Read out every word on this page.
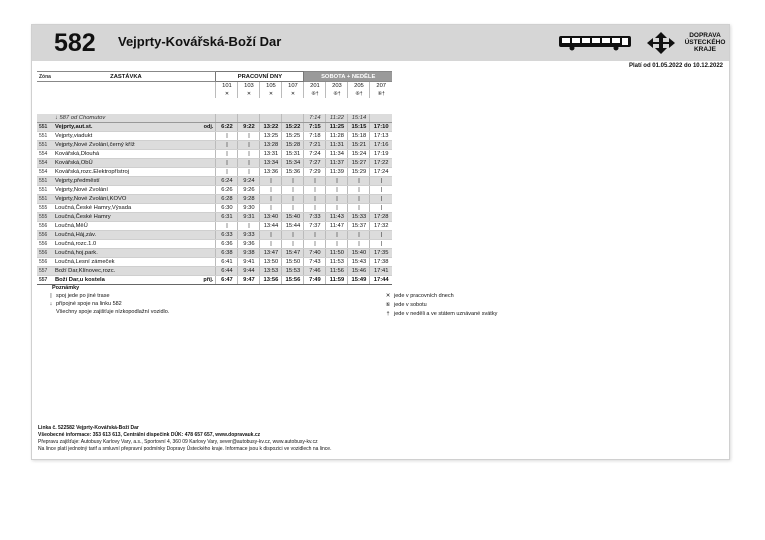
582 Vejprty-Kovářská-Boží Dar	DOPRAVA
ÚSTECKÉHO
KRAJE
Platí od 01.05.2022 do 10.12.2022
Zóna	ZASTÁVKA		PRACOVNÍ DNY				SOBOTA + NEDĚLE			
			101	103	105	107	201	203	205	207
			✕	✕	✕	✕	⑥†	⑥†	⑥†	⑥†

	↓ 587 od Chomutov						7:14	11:22	15:14	
551	Vejprty,aut.st.	odj.	6:22	9:22	13:22	15:22	7:15	11:25	15:15	17:10
551	Vejprty,viadukt		|	|	13:25	15:25	7:18	11:28	15:18	17:13
551	Vejprty,Nové Zvolání,černý kříž		|	|	13:28	15:28	7:21	11:31	15:21	17:16
554	Kovářská,Dlouhá		|	|	13:31	15:31	7:24	11:34	15:24	17:19
554	Kovářská,ObÚ		|	|	13:34	15:34	7:27	11:37	15:27	17:22
554	Kovářská,rozc.Elektropřístroj		|	|	13:36	15:36	7:29	11:39	15:29	17:24
551	Vejprty,předměstí		6:24	9:24	|	|	|	|	|	|
551	Vejprty,Nové Zvolání		6:26	9:26	|	|	|	|	|	|
551	Vejprty,Nové Zvolání,KOVO		6:28	9:28	|	|	|	|	|	|
555	Loučná,České Hamry,Výsada		6:30	9:30	|	|	|	|	|	|
555	Loučná,České Hamry		6:31	9:31	13:40	15:40	7:33	11:43	15:33	17:28
556	Loučná,MěÚ		|	|	13:44	15:44	7:37	11:47	15:37	17:32
556	Loučná,Háj,záv.		6:33	9:33	|	|	|	|	|	|
556	Loučná,rozc.1.0		6:36	9:36	|	|	|	|	|	|
556	Loučná,hoj.park.		6:38	9:38	13:47	15:47	7:40	11:50	15:40	17:35
556	Loučná,Lesní zámeček		6:41	9:41	13:50	15:50	7:43	11:53	15:43	17:38
557	Boží Dar,Klínovec,rozc.		6:44	9:44	13:53	15:53	7:46	11:56	15:46	17:41
557	Boží Dar,u kostela	příj.	6:47	9:47	13:56	15:56	7:49	11:59	15:49	17:44
Poznámky
| spoj jede po jiné trase
↓ přípojné spoje na linku 582
Všechny spoje zajišťuje nízkopodlažní vozidlo.
✕ jede v pracovních dnech
⑥ jede v sobotu
† jede v neděli a ve státem uznávané svátky
Linka č. 522582 Vejprty-Kovářská-Boží Dar
Všeobecné informace: 353 613 613, Centrální dispečink DÚK: 478 657 657, www.dopravauk.cz
Přepravu zajišťuje: Autobusy Karlovy Vary, a.s., Sportovní 4, 360 09 Karlovy Vary, sever@autobusy-kv.cz, www.autobusy-kv.cz
Na lince platí jednotný tarif a smluvní přepravní podmínky Dopravy Ústeckého kraje. Informace jsou k dispozici ve vozidlech na lince.
